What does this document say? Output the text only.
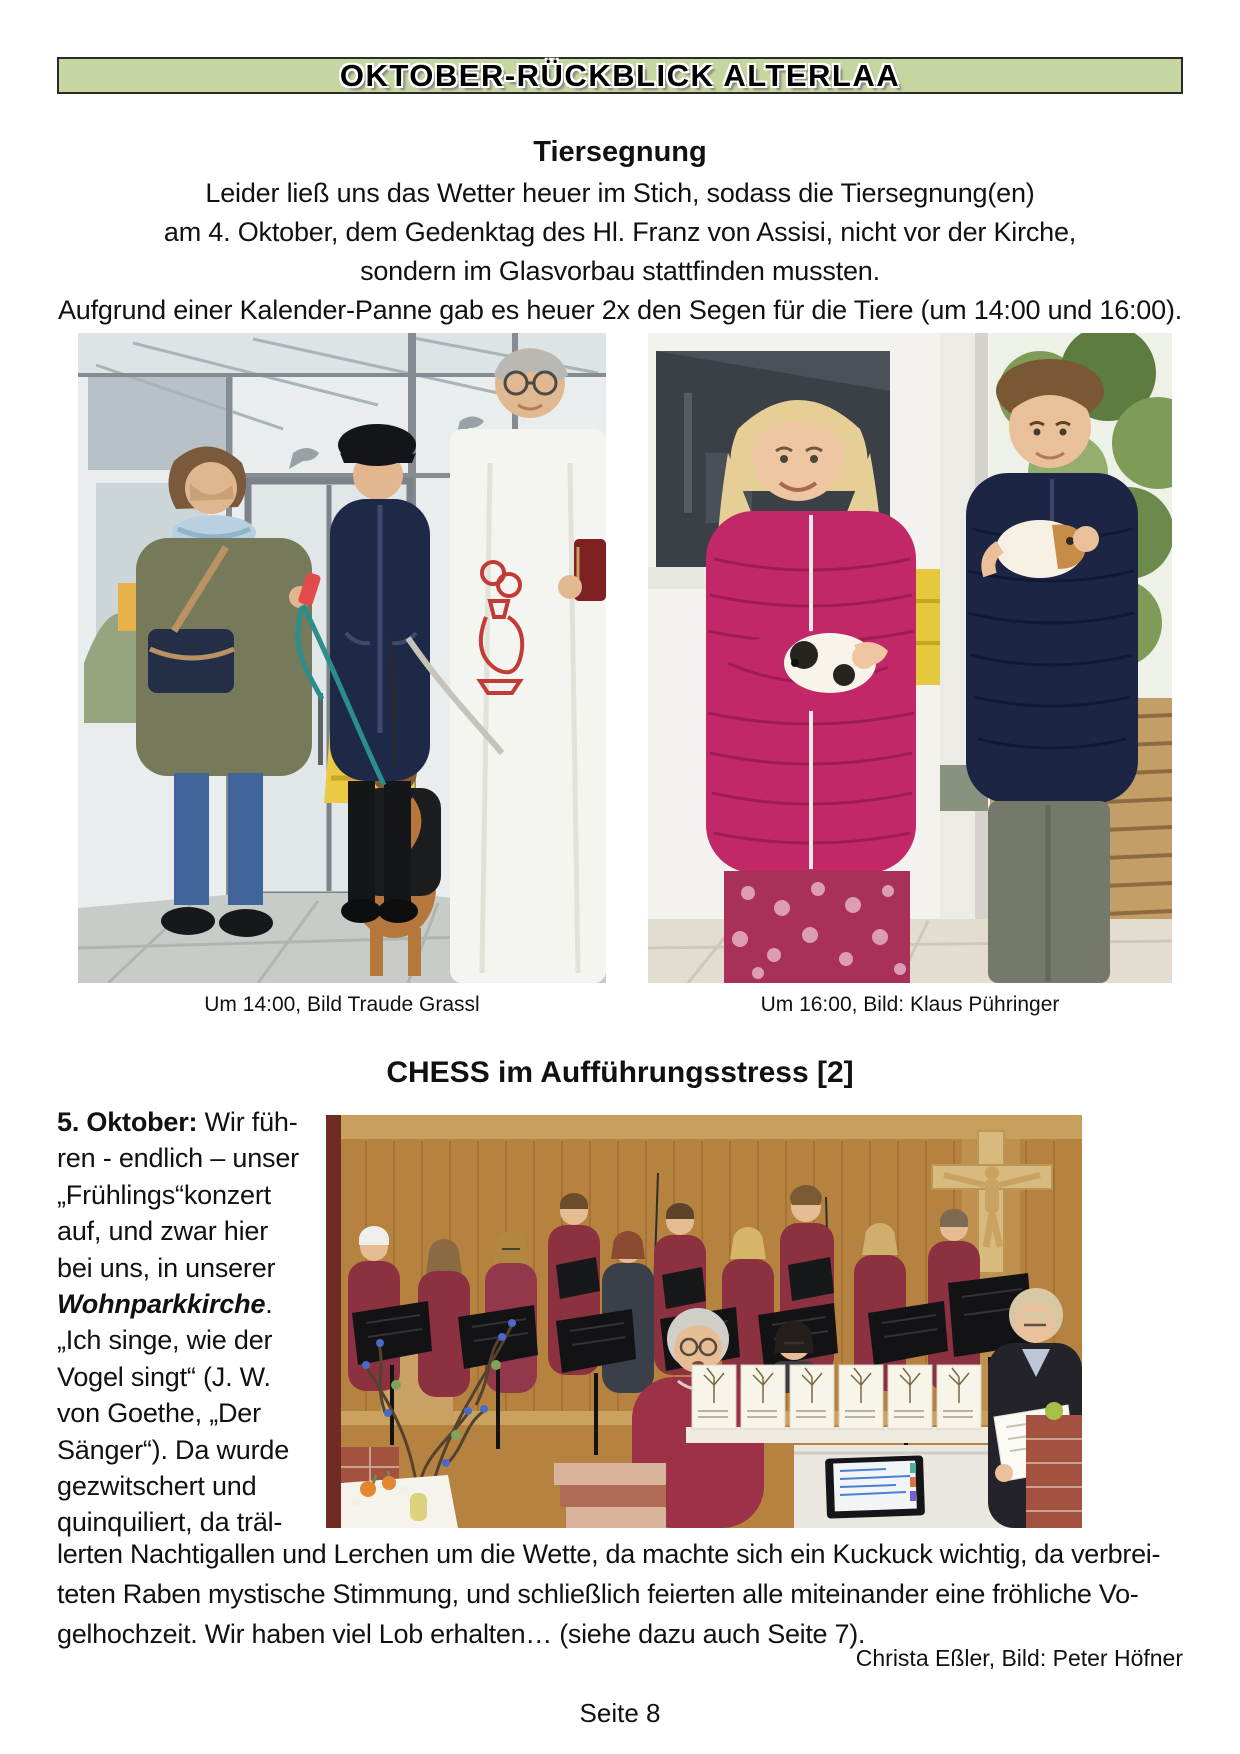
OKTOBER-RÜCKBLICK ALTERLAA
Tiersegnung
Leider ließ uns das Wetter heuer im Stich, sodass die Tiersegnung(en)
am 4. Oktober, dem Gedenktag des Hl. Franz von Assisi, nicht vor der Kirche,
sondern im Glasvorbau stattfinden mussten.
Aufgrund einer Kalender-Panne gab es heuer 2x den Segen für die Tiere (um 14:00 und 16:00).
Um 14:00, Bild Traude Grassl	Um 16:00, Bild: Klaus Pühringer
CHESS im Aufführungsstress [2]
5. Oktober: Wir füh-
ren - endlich – unser
„Frühlings“konzert
auf, und zwar hier
bei uns, in unserer
Wohnparkkirche.
„Ich singe, wie der
Vogel singt“ (J. W.
von Goethe, „Der
Sänger“). Da wurde
gezwitschert und
quinquiliert, da träl-
lerten Nachtigallen und Lerchen um die Wette, da machte sich ein Kuckuck wichtig, da verbrei-
teten Raben mystische Stimmung, und schließlich feierten alle miteinander eine fröhliche Vo-
gelhochzeit. Wir haben viel Lob erhalten… (siehe dazu auch Seite 7).
Christa Eßler, Bild: Peter Höfner
Seite 8
